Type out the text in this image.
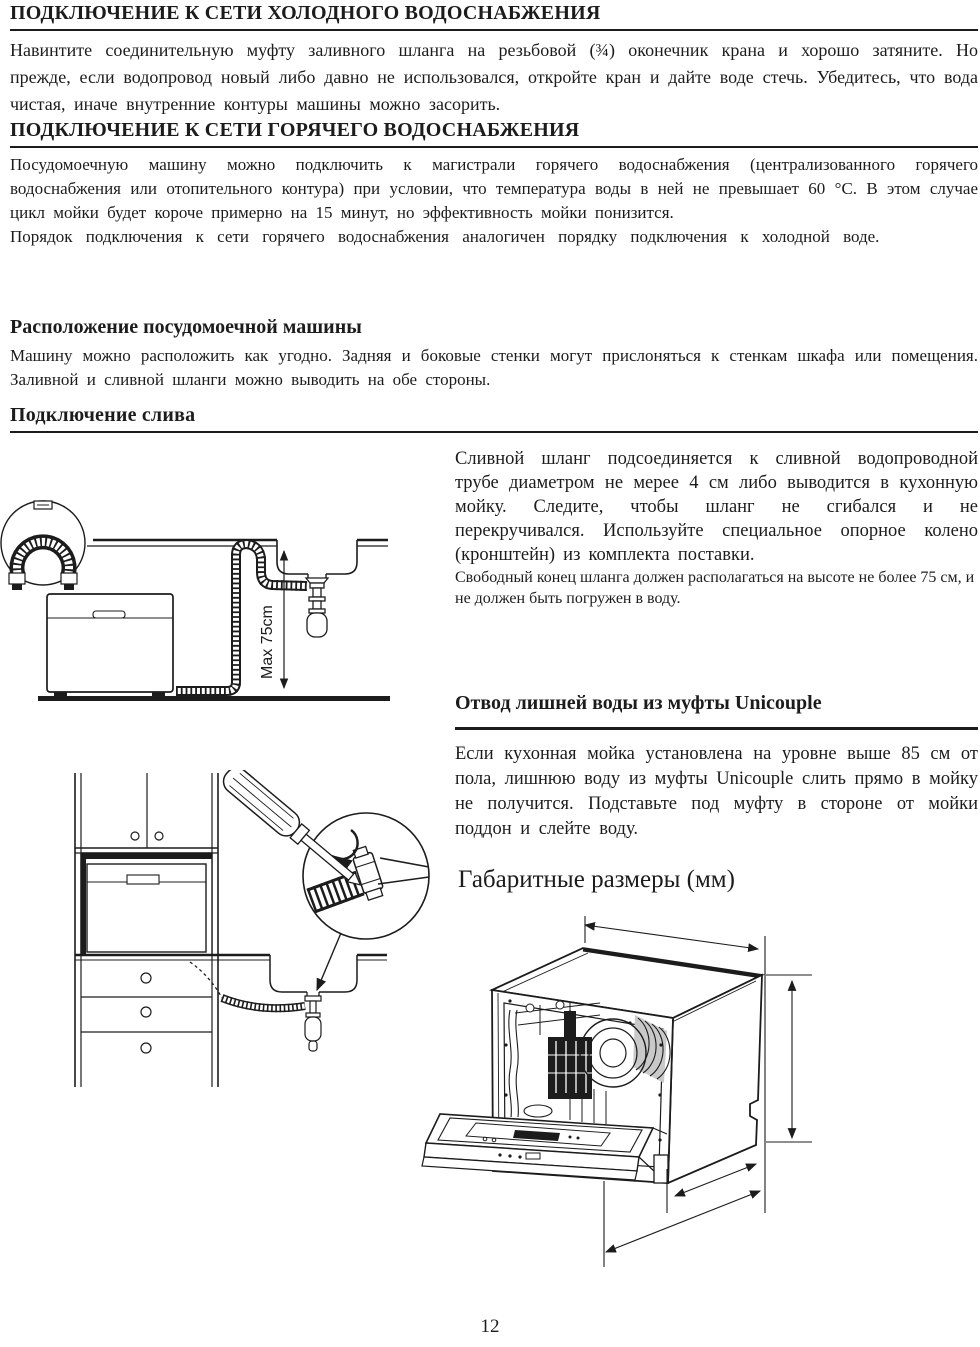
ПОДКЛЮЧЕНИЕ К СЕТИ ХОЛОДНОГО ВОДОСНАБЖЕНИЯ

Навинтите соединительную муфту заливного шланга на резьбовой (¾) оконечник крана и хорошо затяните. Но прежде, если водопровод новый либо давно не использовался, откройте кран и дайте воде стечь. Убедитесь, что вода чистая, иначе внутренние контуры машины можно засорить.

ПОДКЛЮЧЕНИЕ К СЕТИ ГОРЯЧЕГО ВОДОСНАБЖЕНИЯ

Посудомоечную машину можно подключить к магистрали горячего водоснабжения (централизованного горячего водоснабжения или отопительного контура) при условии, что температура воды в ней не превышает 60 °С. В этом случае цикл мойки будет короче примерно на 15 минут, но эффективность мойки понизится.

Порядок подключения к сети горячего водоснабжения аналогичен порядку подключения к холодной воде.

Расположение посудомоечной машины

Машину можно расположить как угодно. Задняя и боковые стенки могут прислоняться к стенкам шкафа или помещения. Заливной и сливной шланги можно выводить на обе стороны.

Подключение слива

Сливной шланг подсоединяется к сливной водопроводной трубе диаметром не мерее 4 см либо выводится в кухонную мойку. Следите, чтобы шланг не сгибался и не перекручивался. Используйте специальное опорное колено (кронштейн) из комплекта поставки.

Свободный конец шланга должен располагаться на высоте не более 75 см, и не должен быть погружен в воду.

Max 75cm
Отвод лишней воды из муфты Unicouple

Если кухонная мойка установлена на уровне выше 85 см от пола, лишнюю воду из муфты Unicouple слить прямо в мойку не получится. Подставьте под муфту в стороне от мойки поддон и слейте воду.

Габаритные размеры (мм)
12
